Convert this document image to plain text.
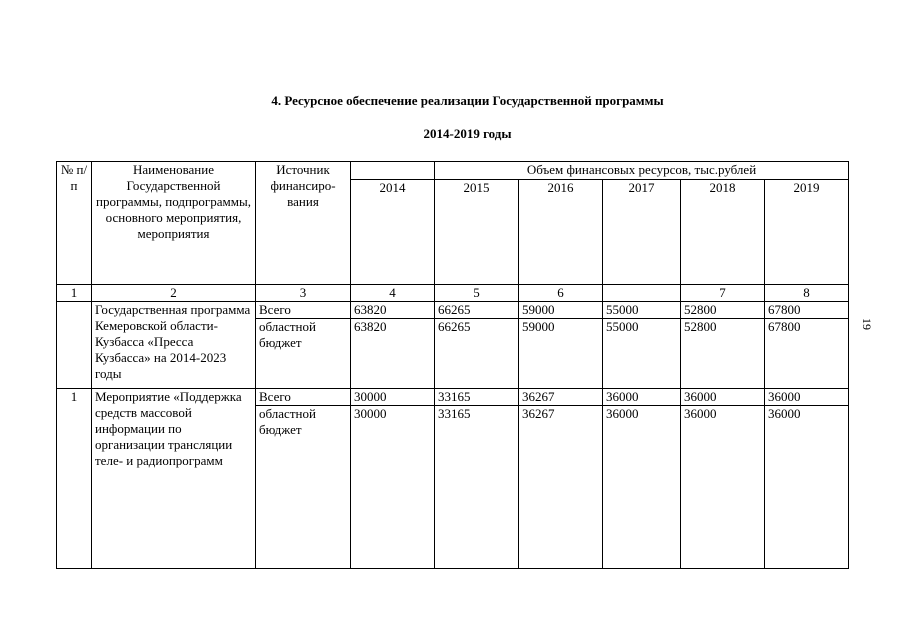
4. Ресурсное обеспечение реализации Государственной программы
2014-2019 годы
19
№ п/п	Наименование Государственной программы, подпрограммы, основного мероприятия, мероприятия	Источник финансиро-вания		Объем финансовых ресурсов, тыс.рублей				
			2014	2015	2016	2017	2018	2019
1	2	3	4	5	6		7	8
	Государственная программа Кемеровской области- Кузбасса «Пресса Кузбасса» на 2014-2023 годы	Всего	63820	66265	59000	55000	52800	67800
		областной бюджет	63820	66265	59000	55000	52800	67800
1	Мероприятие «Поддержка средств массовой информации по организации трансляции теле- и радиопрограмм	Всего	30000	33165	36267	36000	36000	36000
		областной бюджет	30000	33165	36267	36000	36000	36000
